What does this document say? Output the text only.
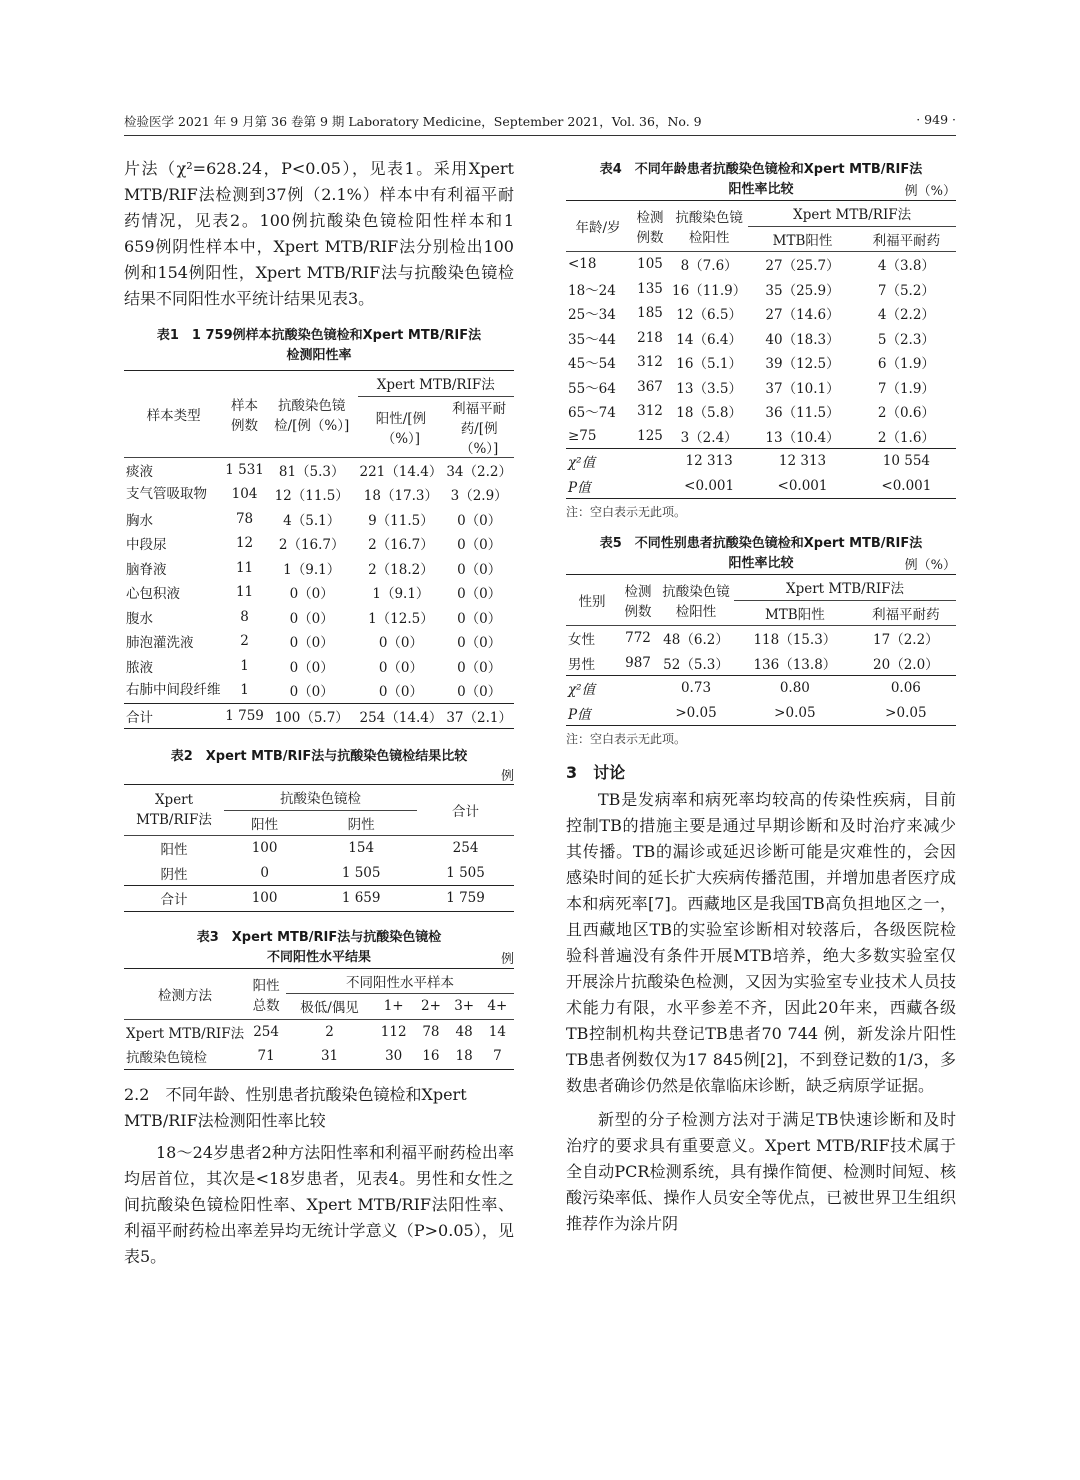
检验医学 2021 年 9 月第 36 卷第 9 期 Laboratory Medicine，September 2021，Vol. 36，No. 9	· 949 ·

片法（χ²=628.24，P<0.05），见表1。采用Xpert MTB/RIF法检测到37例（2.1%）样本中有利福平耐药情况，见表2。100例抗酸染色镜检阳性样本和1 659例阴性样本中，Xpert MTB/RIF法分别检出100例和154例阳性，Xpert MTB/RIF法与抗酸染色镜检结果不同阳性水平统计结果见表3。

表1　1 759例样本抗酸染色镜检和Xpert MTB/RIF法

检测阳性率

样本类型	样本例数	抗酸染色镜检/[例（%）]	Xpert MTB/RIF法	
			阳性/[例（%）]	利福平耐药/[例（%）]

痰液	1 531	81（5.3）	221（14.4）	34（2.2）
支气管吸取物	104	12（11.5）	18（17.3）	3（2.9）
胸水	78	4（5.1）	9（11.5）	0（0）
中段尿	12	2（16.7）	2（16.7）	0（0）
脑脊液	11	1（9.1）	2（18.2）	0（0）
心包积液	11	0（0）	1（9.1）	0（0）
腹水	8	0（0）	1（12.5）	0（0）
肺泡灌洗液	2	0（0）	0（0）	0（0）
脓液	1	0（0）	0（0）	0（0）
右肺中间段纤维	1	0（0）	0（0）	0（0）
合计	1 759	100（5.7）	254（14.4）	37（2.1）

表2　Xpert MTB/RIF法与抗酸染色镜检结果比较

例
Xpert MTB/RIF法	抗酸染色镜检		合计
	阳性	阴性	
阳性	100	154	254
阴性	0	1 505	1 505
合计	100	1 659	1 759

表3　Xpert MTB/RIF法与抗酸染色镜检

不同阳性水平结果	例
检测方法	阳性总数	不同阳性水平样本				
		极低/偶见	1+	2+	3+	4+
Xpert MTB/RIF法	254	2	112	78	48	14
抗酸染色镜检	71	31	30	16	18	7

2.2　不同年龄、性别患者抗酸染色镜检和Xpert MTB/RIF法检测阳性率比较

18～24岁患者2种方法阳性率和利福平耐药检出率均居首位，其次是<18岁患者，见表4。男性和女性之间抗酸染色镜检阳性率、Xpert MTB/RIF法阳性率、利福平耐药检出率差异均无统计学意义（P>0.05），见表5。

表4　不同年龄患者抗酸染色镜检和Xpert MTB/RIF法

阳性率比较	例（%）
年龄/岁	检测例数	抗酸染色镜检阳性	Xpert MTB/RIF法	
			MTB阳性	利福平耐药
<18	105	8（7.6）	27（25.7）	4（3.8）
18～24	135	16（11.9）	35（25.9）	7（5.2）
25～34	185	12（6.5）	27（14.6）	4（2.2）
35～44	218	14（6.4）	40（18.3）	5（2.3）
45～54	312	16（5.1）	39（12.5）	6（1.9）
55～64	367	13（3.5）	37（10.1）	7（1.9）
65～74	312	18（5.8）	36（11.5）	2（0.6）
≥75	125	3（2.4）	13（10.4）	2（1.6）
χ²值		12 313	12 313	10 554
P值		<0.001	<0.001	<0.001

注：空白表示无此项。

表5　不同性别患者抗酸染色镜检和Xpert MTB/RIF法

阳性率比较	例（%）
性别	检测例数	抗酸染色镜检阳性	Xpert MTB/RIF法	
			MTB阳性	利福平耐药
女性	772	48（6.2）	118（15.3）	17（2.2）
男性	987	52（5.3）	136（13.8）	20（2.0）
χ²值		0.73	0.80	0.06
P值		>0.05	>0.05	>0.05

注：空白表示无此项。

3　讨论

TB是发病率和病死率均较高的传染性疾病，目前控制TB的措施主要是通过早期诊断和及时治疗来减少其传播。TB的漏诊或延迟诊断可能是灾难性的，会因感染时间的延长扩大疾病传播范围，并增加患者医疗成本和病死率[7]。西藏地区是我国TB高负担地区之一，且西藏地区TB的实验室诊断相对较落后，各级医院检验科普遍没有条件开展MTB培养，绝大多数实验室仅开展涂片抗酸染色检测，又因为实验室专业技术人员技术能力有限，水平参差不齐，因此20年来，西藏各级TB控制机构共登记TB患者70 744 例，新发涂片阳性TB患者例数仅为17 845例[2]，不到登记数的1/3，多数患者确诊仍然是依靠临床诊断，缺乏病原学证据。

新型的分子检测方法对于满足TB快速诊断和及时治疗的要求具有重要意义。Xpert MTB/RIF技术属于全自动PCR检测系统，具有操作简便、检测时间短、核酸污染率低、操作人员安全等优点，已被世界卫生组织推荐作为涂片阴
